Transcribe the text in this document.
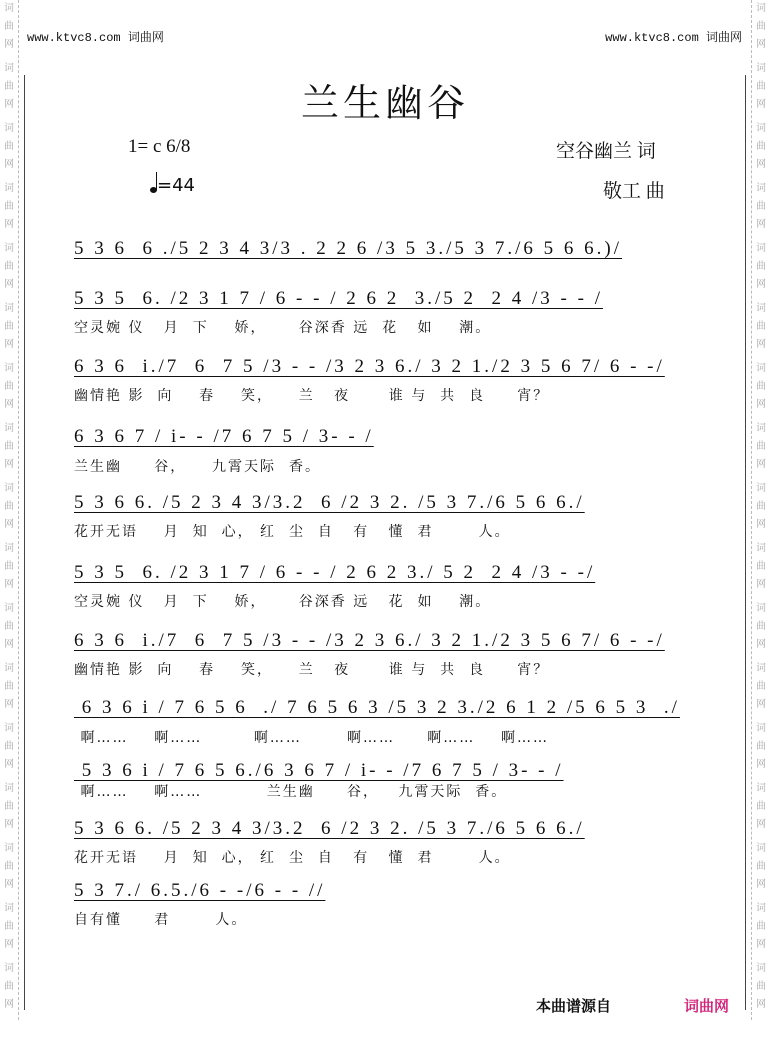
词
曲
网
词
曲
网
词
曲
网
词
曲
网
词
曲
网
词
曲
网
词
曲
网
词
曲
网
词
曲
网
词
曲
网
词
曲
网
词
曲
网
词
曲
网
词
曲
网
词
曲
网
词
曲
网
词
曲
网
词
曲
网
词
曲
网
词
曲
网
词
曲
网
词
曲
网
词
曲
网
词
曲
网
词
曲
网
词
曲
网
词
曲
网
词
曲
网
词
曲
网
词
曲
网
词
曲
网
词
曲
网
词
曲
网
词
曲
网
www.ktvc8.com 词曲网	www.ktvc8.com 词曲网
兰生幽谷
1= c 6/8	空谷幽兰 词
敬工 曲
=44
5 3 6  6 ./5 2 3 4 3/3 . 2 2 6 /3 5 3./5 3 7./6 5 6 6.)/
5 3 5  6. /2 3 1 7 / 6 - - / 2 6 2  3./5 2  2 4 /3 - - /
空灵婉 仪   月  下    娇，     谷深香 远  花   如    潮。
6 3 6  i./7  6  7 5 /3 - - /3 2 3 6./ 3 2 1./2 3 5 6 7/ 6 - -/
幽情艳 影  向    春    笑，    兰   夜      谁 与  共  良     宵？
6 3 6 7 / i- - /7 6 7 5 / 3- - /
兰生幽     谷，    九霄天际  香。
5 3 6 6. /5 2 3 4 3/3.2  6 /2 3 2. /5 3 7./6 5 6 6./
花开无语    月  知  心， 红  尘  自   有   懂  君       人。
5 3 5  6. /2 3 1 7 / 6 - - / 2 6 2 3./ 5 2  2 4 /3 - -/
空灵婉 仪   月  下    娇，     谷深香 远   花  如    潮。
6 3 6  i./7  6  7 5 /3 - - /3 2 3 6./ 3 2 1./2 3 5 6 7/ 6 - -/
幽情艳 影  向    春    笑，    兰   夜      谁 与  共  良     宵？
6 3 6 i / 7 6 5 6  ./ 7 6 5 6 3 /5 3 2 3./2 6 1 2 /5 6 5 3  ./
啊……    啊……        啊……       啊……     啊……    啊……
5 3 6 i / 7 6 5 6./6 3 6 7 / i- - /7 6 7 5 / 3- - /
啊……    啊……          兰生幽     谷，   九霄天际  香。
5 3 6 6. /5 2 3 4 3/3.2  6 /2 3 2. /5 3 7./6 5 6 6./
花开无语    月  知  心， 红  尘  自   有   懂  君       人。
5 3 7./ 6.5./6 - -/6 - - //
自有懂     君       人。
本曲谱源自	词曲网
